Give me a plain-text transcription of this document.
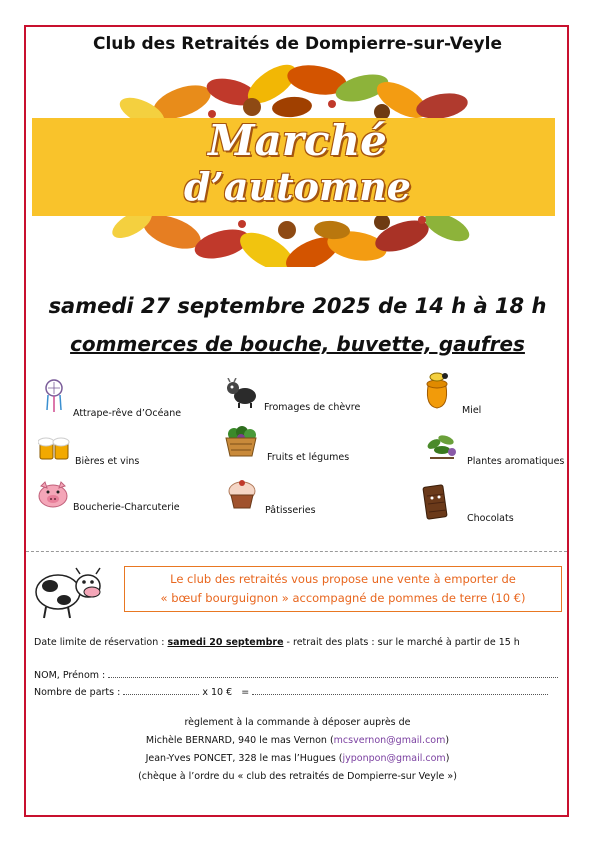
Club des Retraités de Dompierre-sur-Veyle
Marché
d’automne
samedi 27 septembre 2025 de 14 h à 18 h
commerces de bouche, buvette, gaufres
Attrape-rêve d’Océane
Bières et vins
Boucherie-Charcuterie
Fromages de chèvre
Fruits et légumes
Pâtisseries
Miel
Plantes aromatiques
Chocolats
Le club des retraités vous propose une vente à emporter de
« bœuf bourguignon » accompagné de pommes de terre (10 €)
Date limite de réservation : samedi 20 septembre - retrait des plats : sur le marché à partir de 15 h
NOM, Prénom :
Nombre de parts :	x 10 € =
règlement à la commande à déposer auprès de
Michèle BERNARD, 940 le mas Vernon (mcsvernon@gmail.com)
Jean-Yves PONCET, 328 le mas l’Hugues (jyponpon@gmail.com)
(chèque à l’ordre du « club des retraités de Dompierre-sur Veyle »)
